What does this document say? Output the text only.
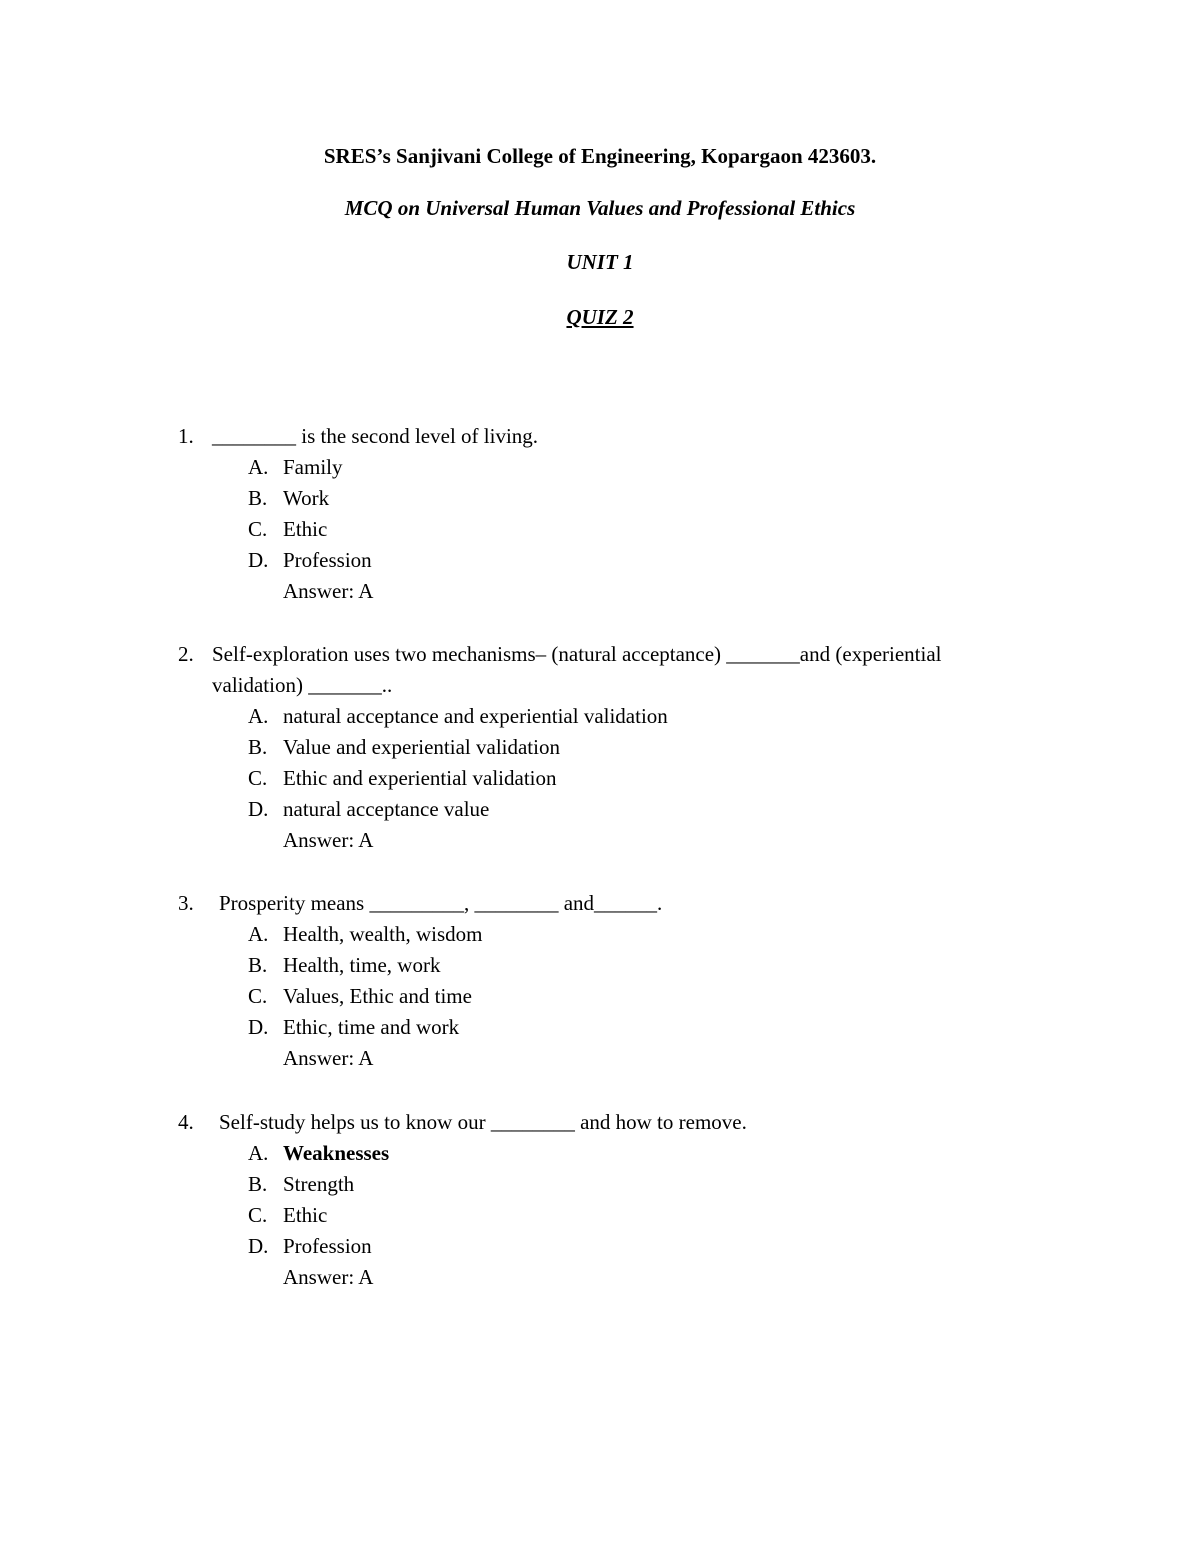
SRES’s Sanjivani College of Engineering, Kopargaon 423603.
MCQ on Universal Human Values and Professional Ethics
UNIT 1
QUIZ 2
1. ________ is the second level of living.
A. Family
B. Work
C. Ethic
D. Profession
Answer: A
2. Self-exploration uses two mechanisms– (natural acceptance) _______and (experiential
validation) _______..
A. natural acceptance and experiential validation
B. Value and experiential validation
C. Ethic and experiential validation
D. natural acceptance value
Answer: A
3. Prosperity means _________, ________ and______.
A. Health, wealth, wisdom
B. Health, time, work
C. Values, Ethic and time
D. Ethic, time and work
Answer: A
4. Self-study helps us to know our ________ and how to remove.
A. Weaknesses
B. Strength
C. Ethic
D. Profession
Answer: A
